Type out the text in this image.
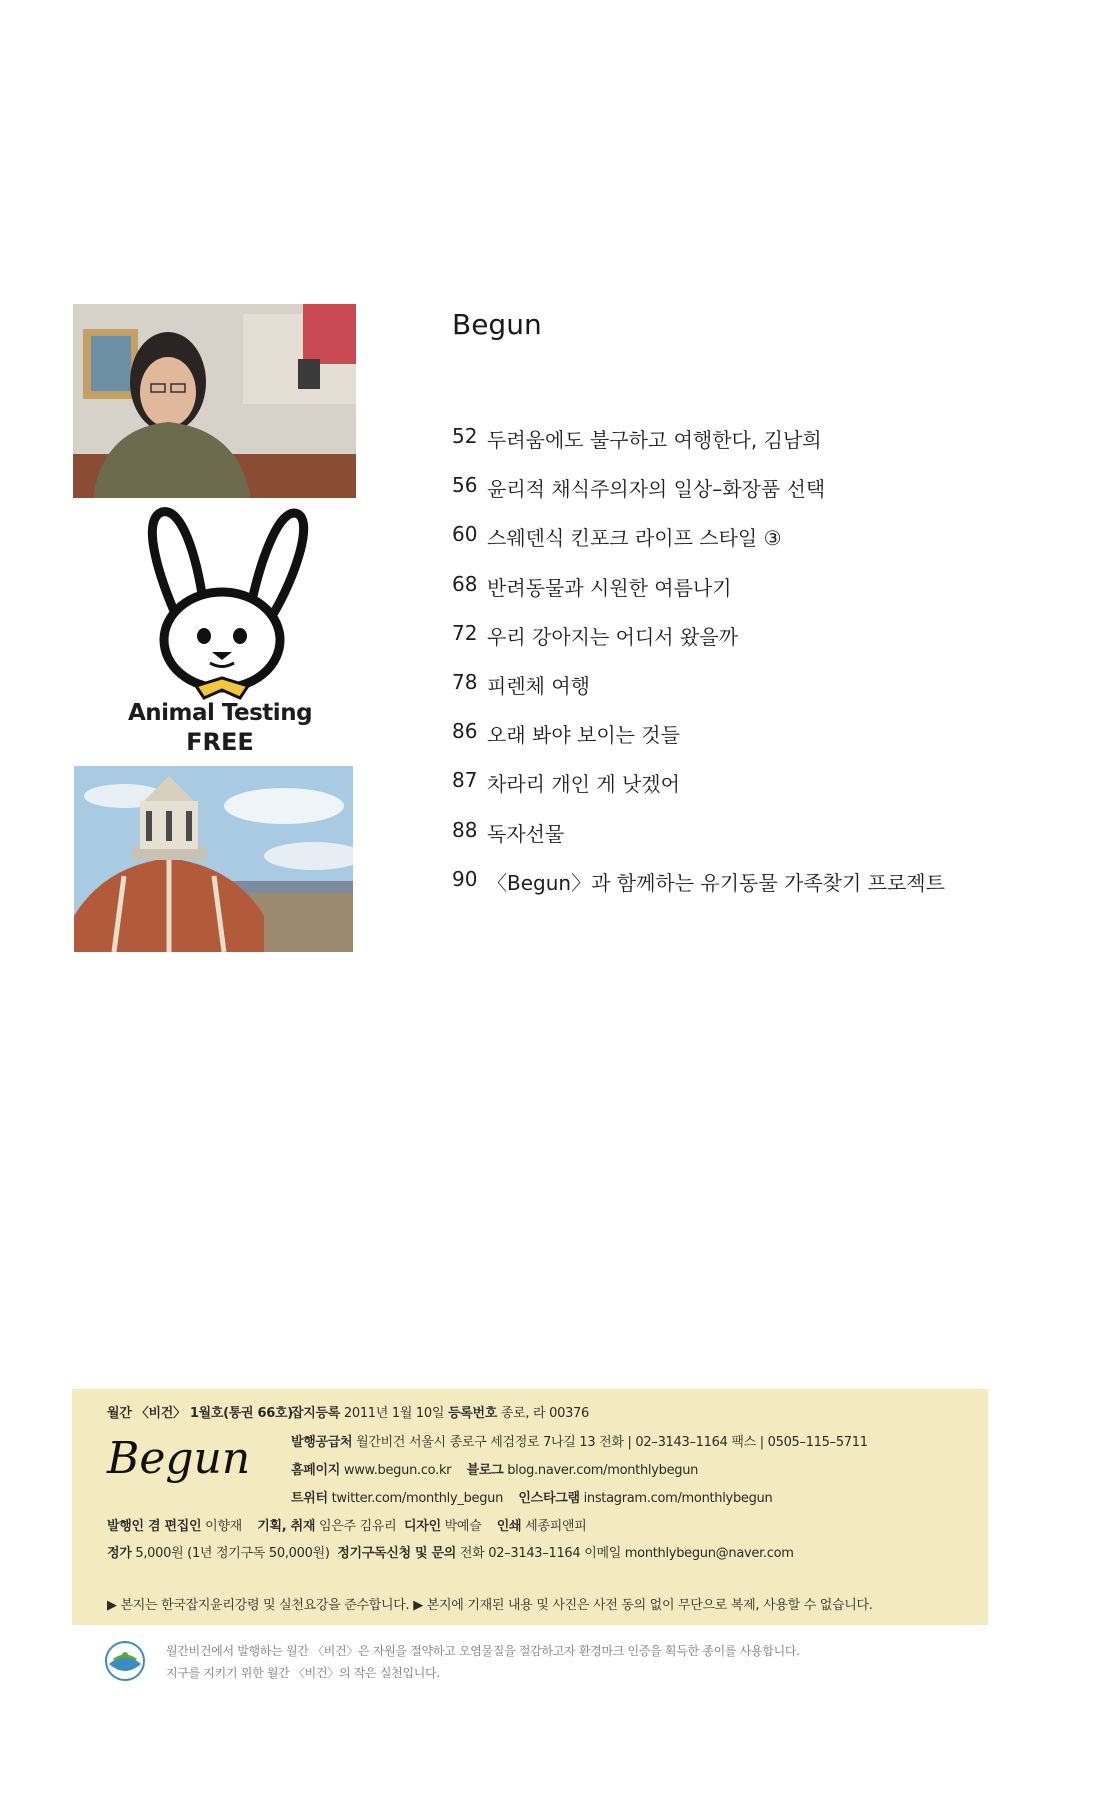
Animal Testing
FREE
Begun
52 두려움에도 불구하고 여행한다, 김남희
56 윤리적 채식주의자의 일상–화장품 선택
60 스웨덴식 킨포크 라이프 스타일 ③
68 반려동물과 시원한 여름나기
72 우리 강아지는 어디서 왔을까
78 피렌체 여행
86 오래 봐야 보이는 것들
87 차라리 개인 게 낫겠어
88 독자선물
90 〈Begun〉과 함께하는 유기동물 가족찾기 프로젝트
월간 〈비건〉 1월호(통권 66호)
잡지등록 2011년 1월 10일 등록번호 종로, 라 00376
Begun	발행공급처 월간비건 서울시 종로구 세검정로 7나길 13 전화 | 02–3143–1164 팩스 | 0505–115–5711
홈페이지 www.begun.co.kr 블로그 blog.naver.com/monthlybegun
트위터 twitter.com/monthly_begun 인스타그램 instagram.com/monthlybegun
발행인 겸 편집인 이향재 기획, 취재 임은주 김유리 디자인 박예슬 인쇄 세종피앤피
정가 5,000원 (1년 정기구독 50,000원) 정기구독신청 및 문의 전화 02–3143–1164 이메일 monthlybegun@naver.com
▶ 본지는 한국잡지윤리강령 및 실천요강을 준수합니다. ▶ 본지에 기재된 내용 및 사진은 사전 동의 없이 무단으로 복제, 사용할 수 없습니다.
월간비건에서 발행하는 월간 〈비건〉은 자원을 절약하고 오염물질을 절감하고자 환경마크 인증을 획득한 종이를 사용합니다.
지구를 지키기 위한 월간 〈비건〉의 작은 실천입니다.
